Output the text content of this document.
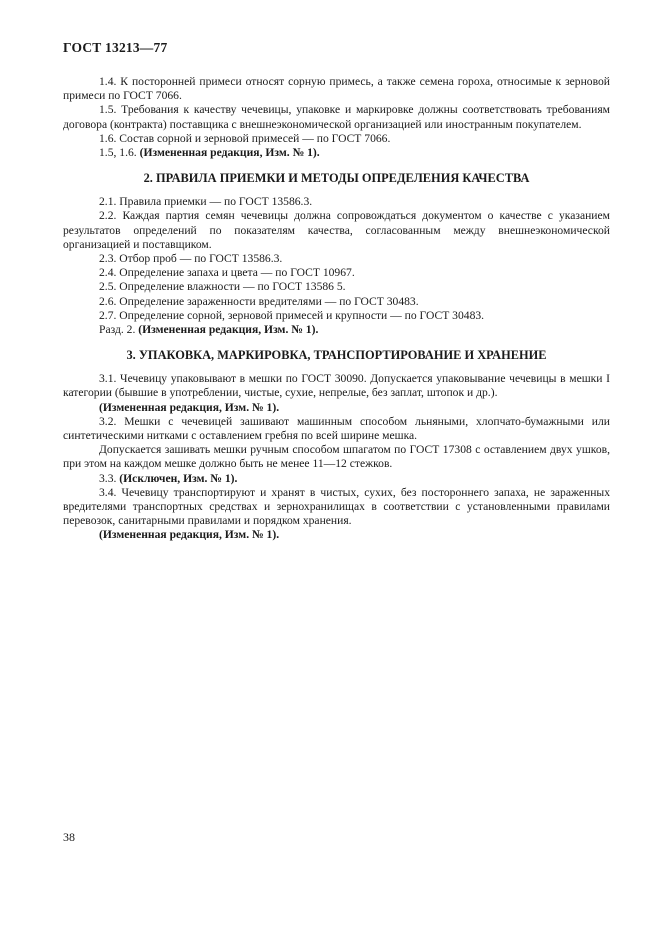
ГОСТ 13213—77

1.4. К посторонней примеси относят сорную примесь, а также семена гороха, относимые к зерновой примеси по ГОСТ 7066.

1.5. Требования к качеству чечевицы, упаковке и маркировке должны соответствовать требованиям договора (контракта) поставщика с внешнеэкономической организацией или иностранным покупателем.

1.6. Состав сорной и зерновой примесей — по ГОСТ 7066.

1.5, 1.6. (Измененная редакция, Изм. № 1).

2. ПРАВИЛА ПРИЕМКИ И МЕТОДЫ ОПРЕДЕЛЕНИЯ КАЧЕСТВА

2.1. Правила приемки — по ГОСТ 13586.3.

2.2. Каждая партия семян чечевицы должна сопровождаться документом о качестве с указанием результатов определений по показателям качества, согласованным между внешнеэкономической организацией и поставщиком.

2.3. Отбор проб — по ГОСТ 13586.3.

2.4. Определение запаха и цвета — по ГОСТ 10967.

2.5. Определение влажности — по ГОСТ 13586 5.

2.6. Определение зараженности вредителями — по ГОСТ 30483.

2.7. Определение сорной, зерновой примесей и крупности — по ГОСТ 30483.

Разд. 2. (Измененная редакция, Изм. № 1).

3. УПАКОВКА, МАРКИРОВКА, ТРАНСПОРТИРОВАНИЕ И ХРАНЕНИЕ

3.1. Чечевицу упаковывают в мешки по ГОСТ 30090. Допускается упаковывание чечевицы в мешки I категории (бывшие в употреблении, чистые, сухие, непрелые, без заплат, штопок и др.).

(Измененная редакция, Изм. № 1).

3.2. Мешки с чечевицей зашивают машинным способом льняными, хлопчато-бумажными или синтетическими нитками с оставлением гребня по всей ширине мешка.

Допускается зашивать мешки ручным способом шпагатом по ГОСТ 17308 с оставлением двух ушков, при этом на каждом мешке должно быть не менее 11—12 стежков.

3.3. (Исключен, Изм. № 1).

3.4. Чечевицу транспортируют и хранят в чистых, сухих, без постороннего запаха, не зараженных вредителями транспортных средствах и зернохранилищах в соответствии с установленными правилами перевозок, санитарными правилами и порядком хранения.

(Измененная редакция, Изм. № 1).

38
